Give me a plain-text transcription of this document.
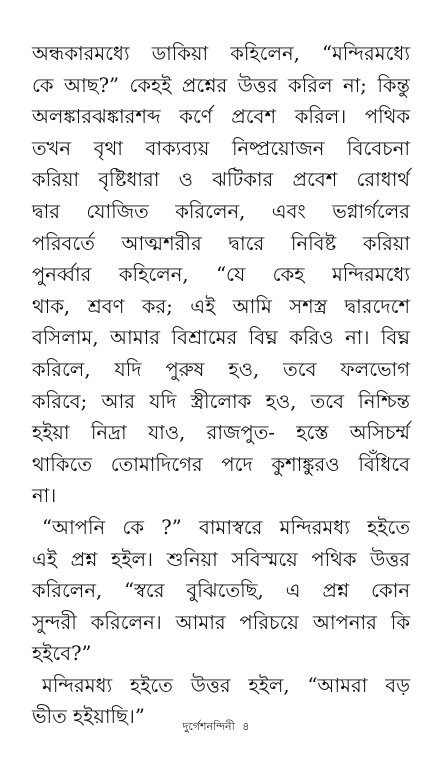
অন্ধকারমধ্যে ডাকিয়া কহিলেন, “মন্দিরমধ্যে
কে আছ?” কেহই প্রশ্নের উত্তর করিল না; কিন্তু
অলঙ্কারঝঙ্কারশব্দ কর্ণে প্রবেশ করিল। পথিক
তখন বৃথা বাক্যব্যয় নিষ্প্রয়োজন বিবেচনা
করিয়া বৃষ্টিধারা ও ঝটিকার প্রবেশ রোধার্থ
দ্বার যোজিত করিলেন, এবং ভগ্নার্গলের
পরিবর্তে আত্মশরীর দ্বারে নিবিষ্ট করিয়া
পুনর্ব্বার কহিলেন, “যে কেহ মন্দিরমধ্যে
থাক, শ্রবণ কর; এই আমি সশস্ত্র দ্বারদেশে
বসিলাম, আমার বিশ্রামের বিঘ্ন করিও না। বিঘ্ন
করিলে, যদি পুরুষ হও, তবে ফলভোগ
করিবে; আর যদি স্ত্রীলোক হও, তবে নিশ্চিন্ত
হইয়া নিদ্রা যাও, রাজপুত- হস্তে অসিচর্ম্ম
থাকিতে তোমাদিগের পদে কুশাঙ্কুরও বিঁধিবে
না।
“আপনি কে ?” বামাস্বরে মন্দিরমধ্য হইতে
এই প্রশ্ন হইল। শুনিয়া সবিস্ময়ে পথিক উত্তর
করিলেন, “স্বরে বুঝিতেছি, এ প্রশ্ন কোন
সুন্দরী করিলেন। আমার পরিচয়ে আপনার কি
হইবে?”
মন্দিরমধ্য হইতে উত্তর হইল, “আমরা বড়
ভীত হইয়াছি।”	দুর্গেশনন্দিনী ৪
